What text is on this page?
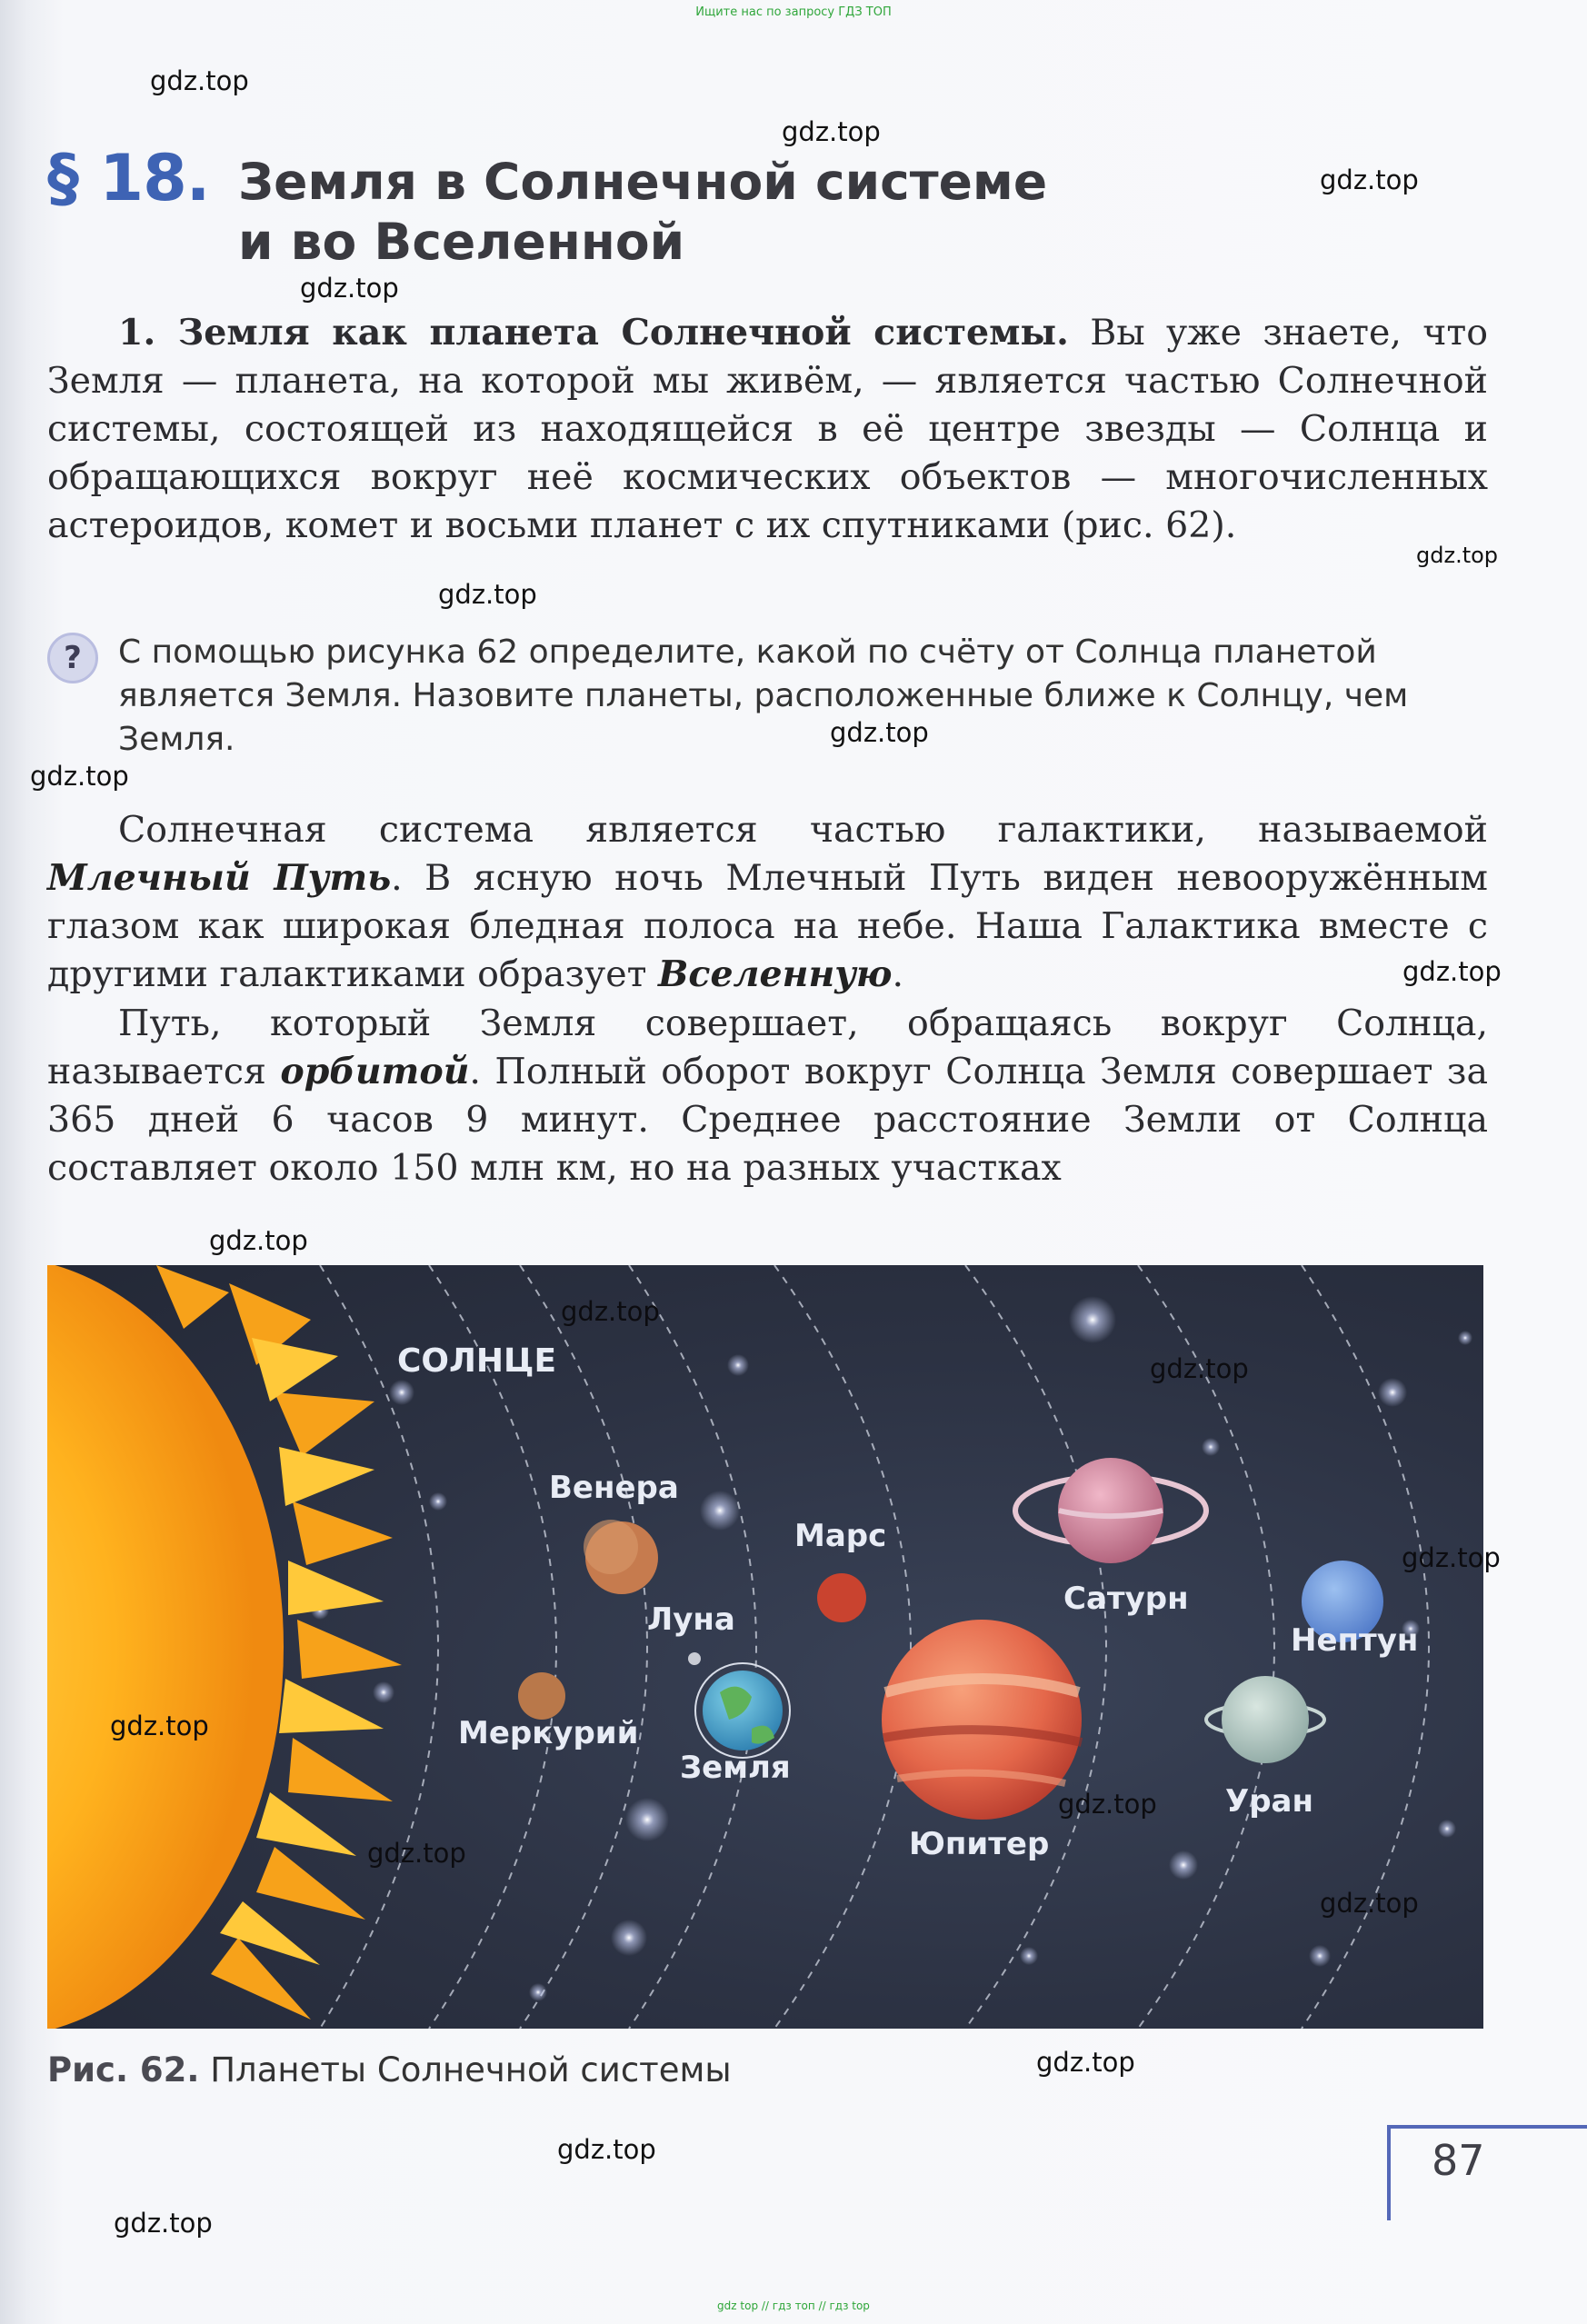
Ищите нас по запросу ГДЗ ТОП
§ 18. Земля в Солнечной системе
и во Вселенной
1. Земля как планета Солнечной системы. Вы уже знаете, что Земля — планета, на которой мы живём, — является частью Солнечной системы, состоящей из находящейся в её центре звезды — Солнца и обращающихся вокруг неё космических объектов — многочисленных астероидов, комет и восьми планет с их спутниками (рис. 62).
?	С помощью рисунка 62 определите, какой по счёту от Солнца планетой является Земля. Назовите планеты, расположенные ближе к Солнцу, чем Земля.
Солнечная система является частью галактики, называемой Млечный Путь. В ясную ночь Млечный Путь виден невооружённым глазом как широкая бледная полоса на небе. Наша Галактика вместе с другими галактиками образует Вселенную.
Путь, который Земля совершает, обращаясь вокруг Солнца, называется орбитой. Полный оборот вокруг Солнца Земля совершает за 365 дней 6 часов 9 минут. Среднее расстояние Земли от Солнца составляет около 150 млн км, но на разных участках
СОЛНЦЕ
Венера
Марс
Сатурн
Нептун
Луна
Меркурий
Земля
Юпитер
Уран
Рис. 62. Планеты Солнечной системы
87
gdz.top
gdz.top
gdz.top
gdz.top
gdz.top
gdz.top
gdz.top
gdz.top
gdz.top
gdz.top
gdz.top
gdz.top
gdz.top
gdz.top
gdz.top
gdz.top
gdz.top
gdz.top
gdz.top
gdz.top
gdz top // гдз топ // гдз top
